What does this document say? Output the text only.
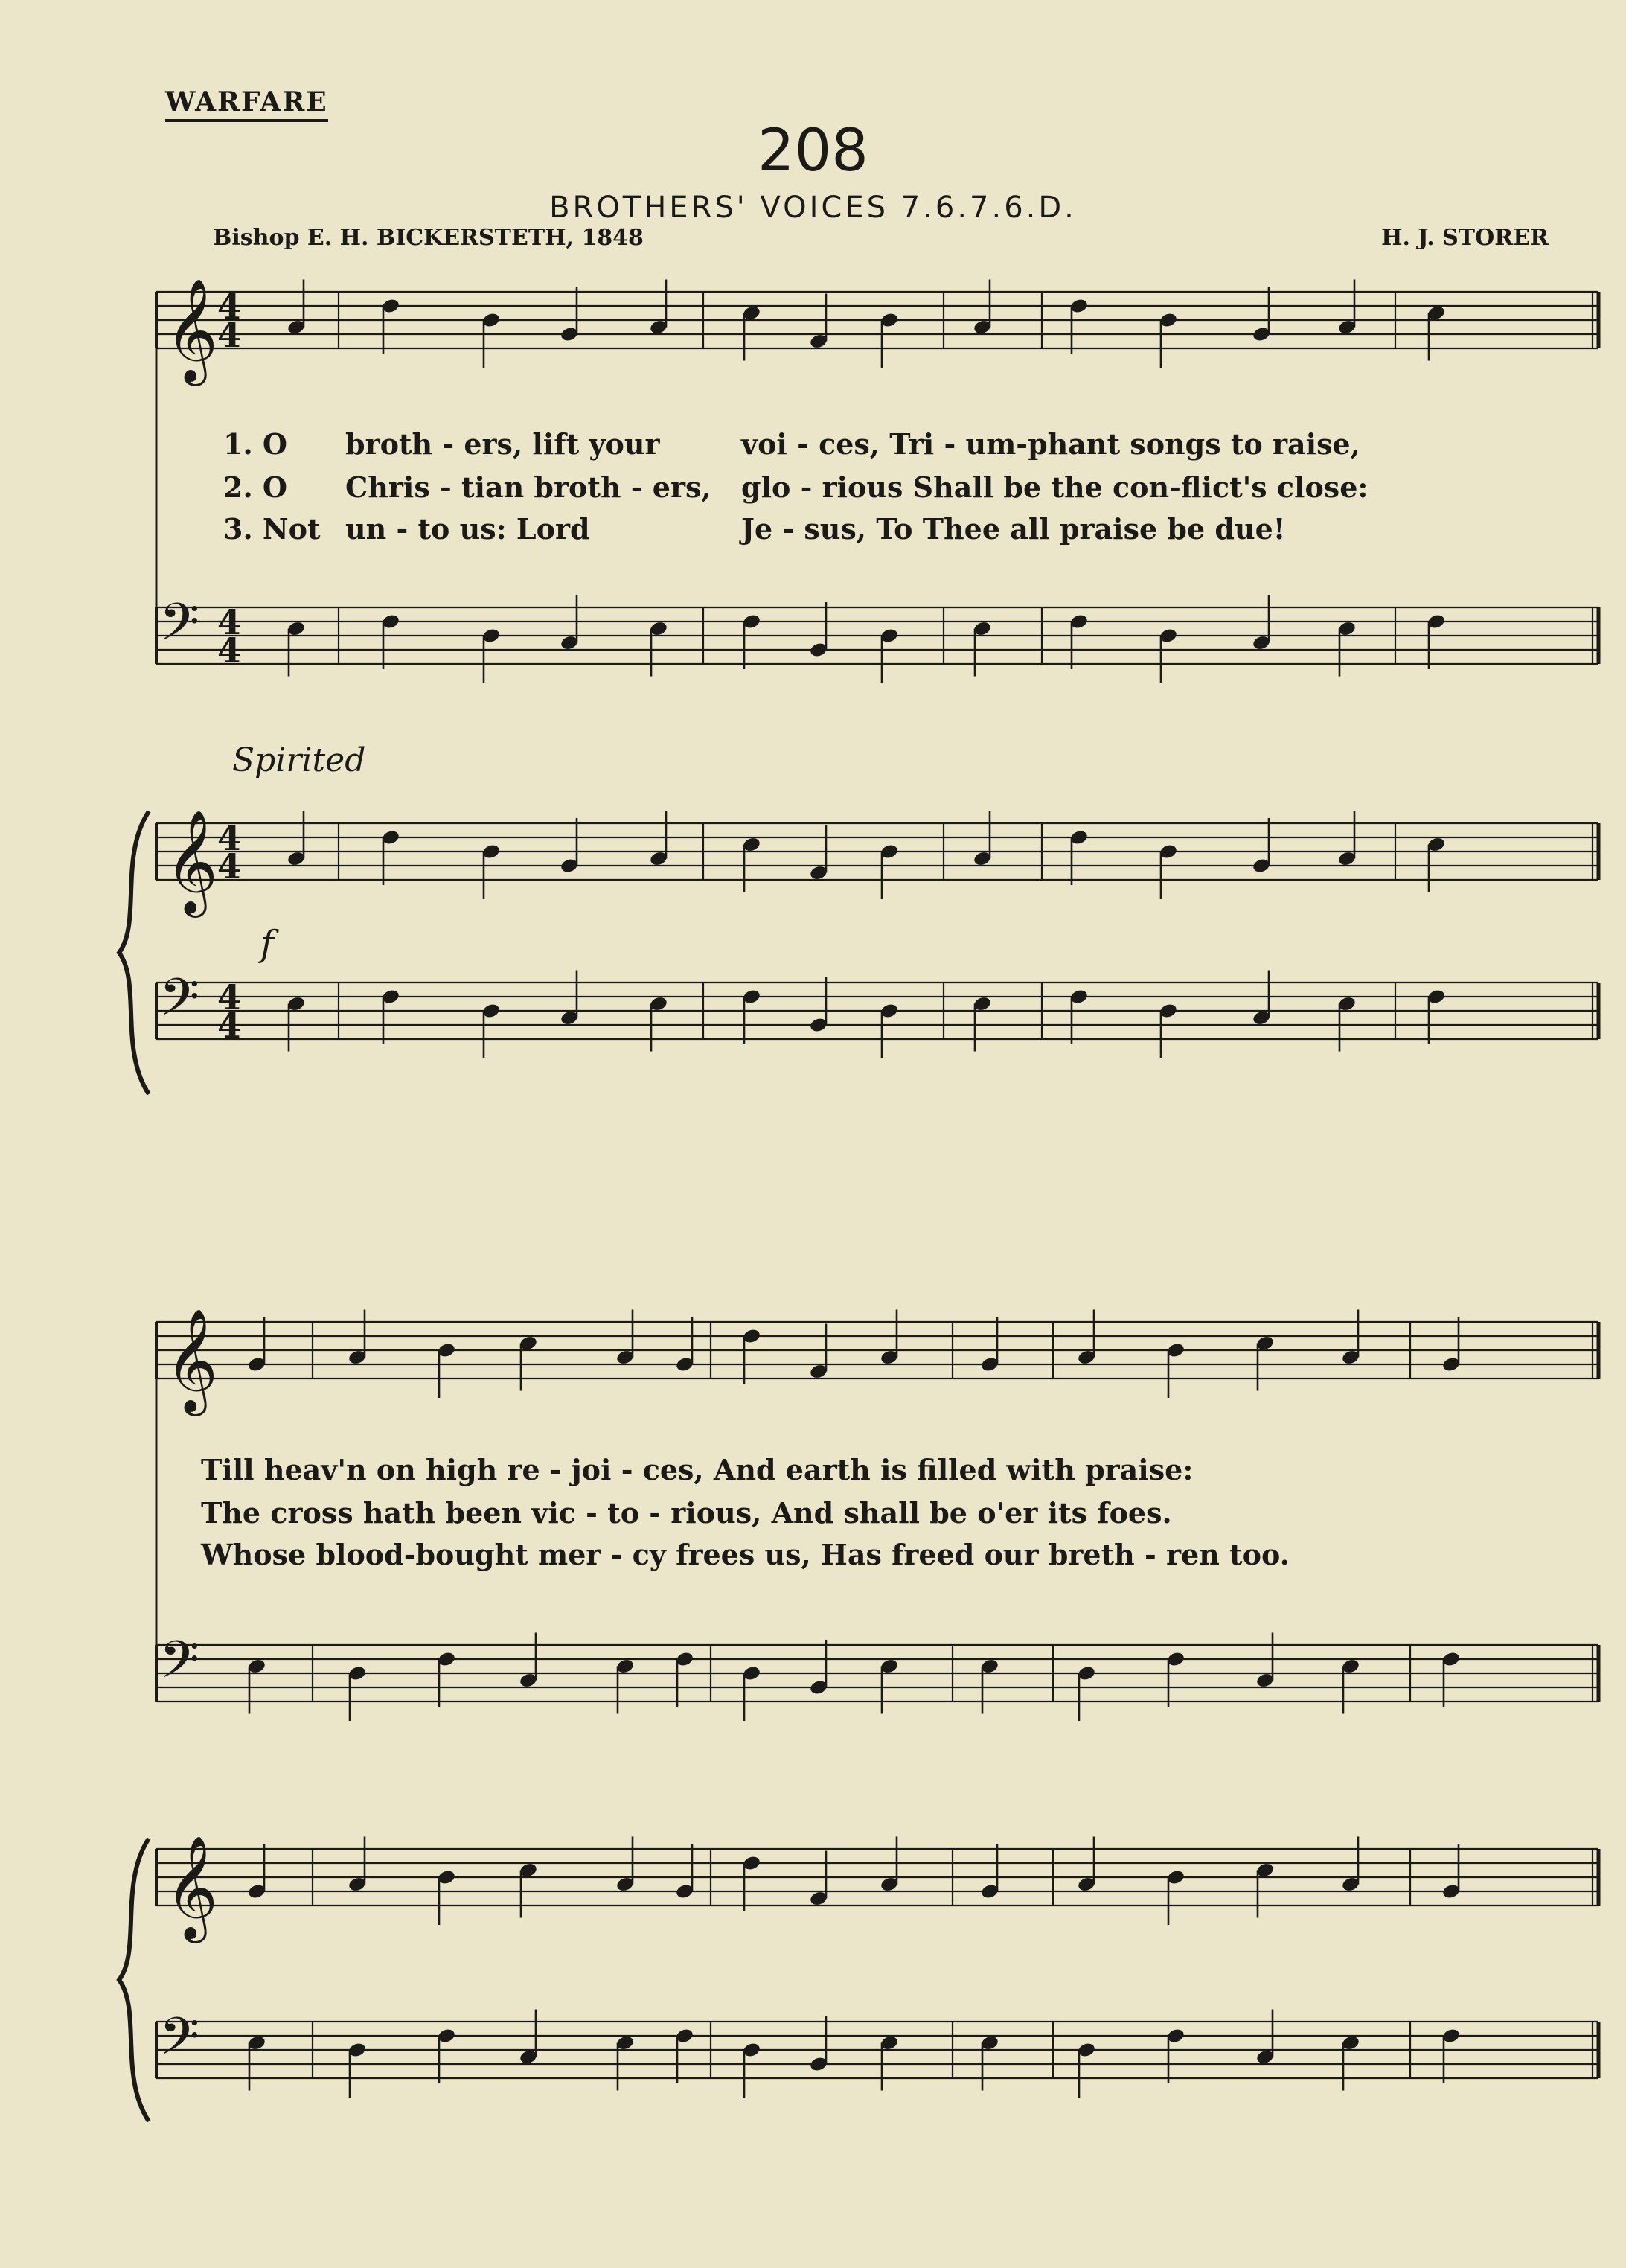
WARFARE
208
BROTHERS' VOICES 7.6.7.6.D.
Bishop E. H. BICKERSTETH, 1848	H. J. STORER
Spirited
f
1. O broth - ers, lift your	voi - ces, Tri - um-phant songs to raise,
2. O Chris - tian broth - ers, glo - rious Shall be the con-flict's close:
3. Not un - to us: Lord	Je - sus, To Thee all praise be due!
Till heav'n on high re - joi - ces, And earth is filled with praise:
The cross hath been vic - to - rious, And shall be o'er its foes.
Whose blood-bought mer - cy frees us, Has freed our breth - ren too.
𝄞 4
4
𝄢 4
4
𝄞 4
4
𝄢 4
4
𝄞
𝄢
𝄞
𝄢
